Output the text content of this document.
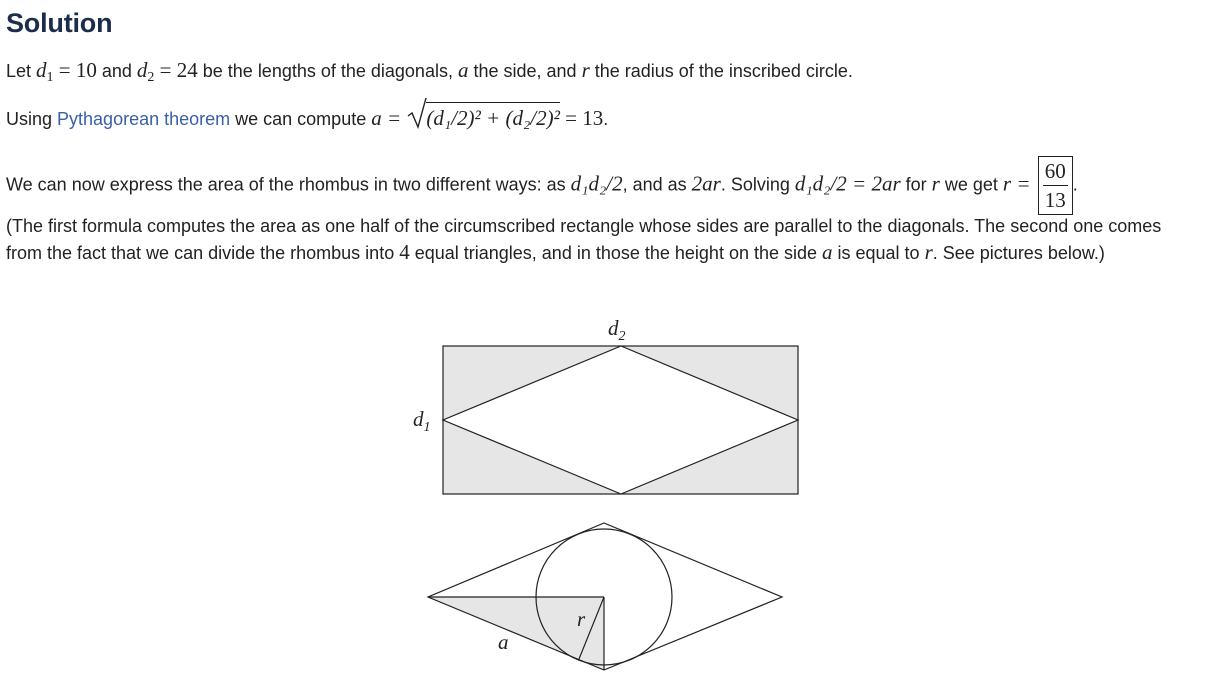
Solution
Let $d_1 = 10$ and $d_2 = 24$ be the lengths of the diagonals, a the side, and r the radius of the inscribed circle.
Using Pythagorean theorem we can compute a =
(d₁/2)² + (d₂/2)² = 13.
We can now express the area of the rhombus in two different ways: as d₁d₂/2, and as 2ar. Solving d₁d₂/2 = 2ar for r we get $r = \frac{60}{13}$ .
(The first formula computes the area as one half of the circumscribed rectangle whose sides are parallel to the diagonals. The second one comes from the fact that we can divide the rhombus into 4 equal triangles, and in those the height on the side a is equal to r. See pictures below.)
$d_2$
$d_1$
r
a
